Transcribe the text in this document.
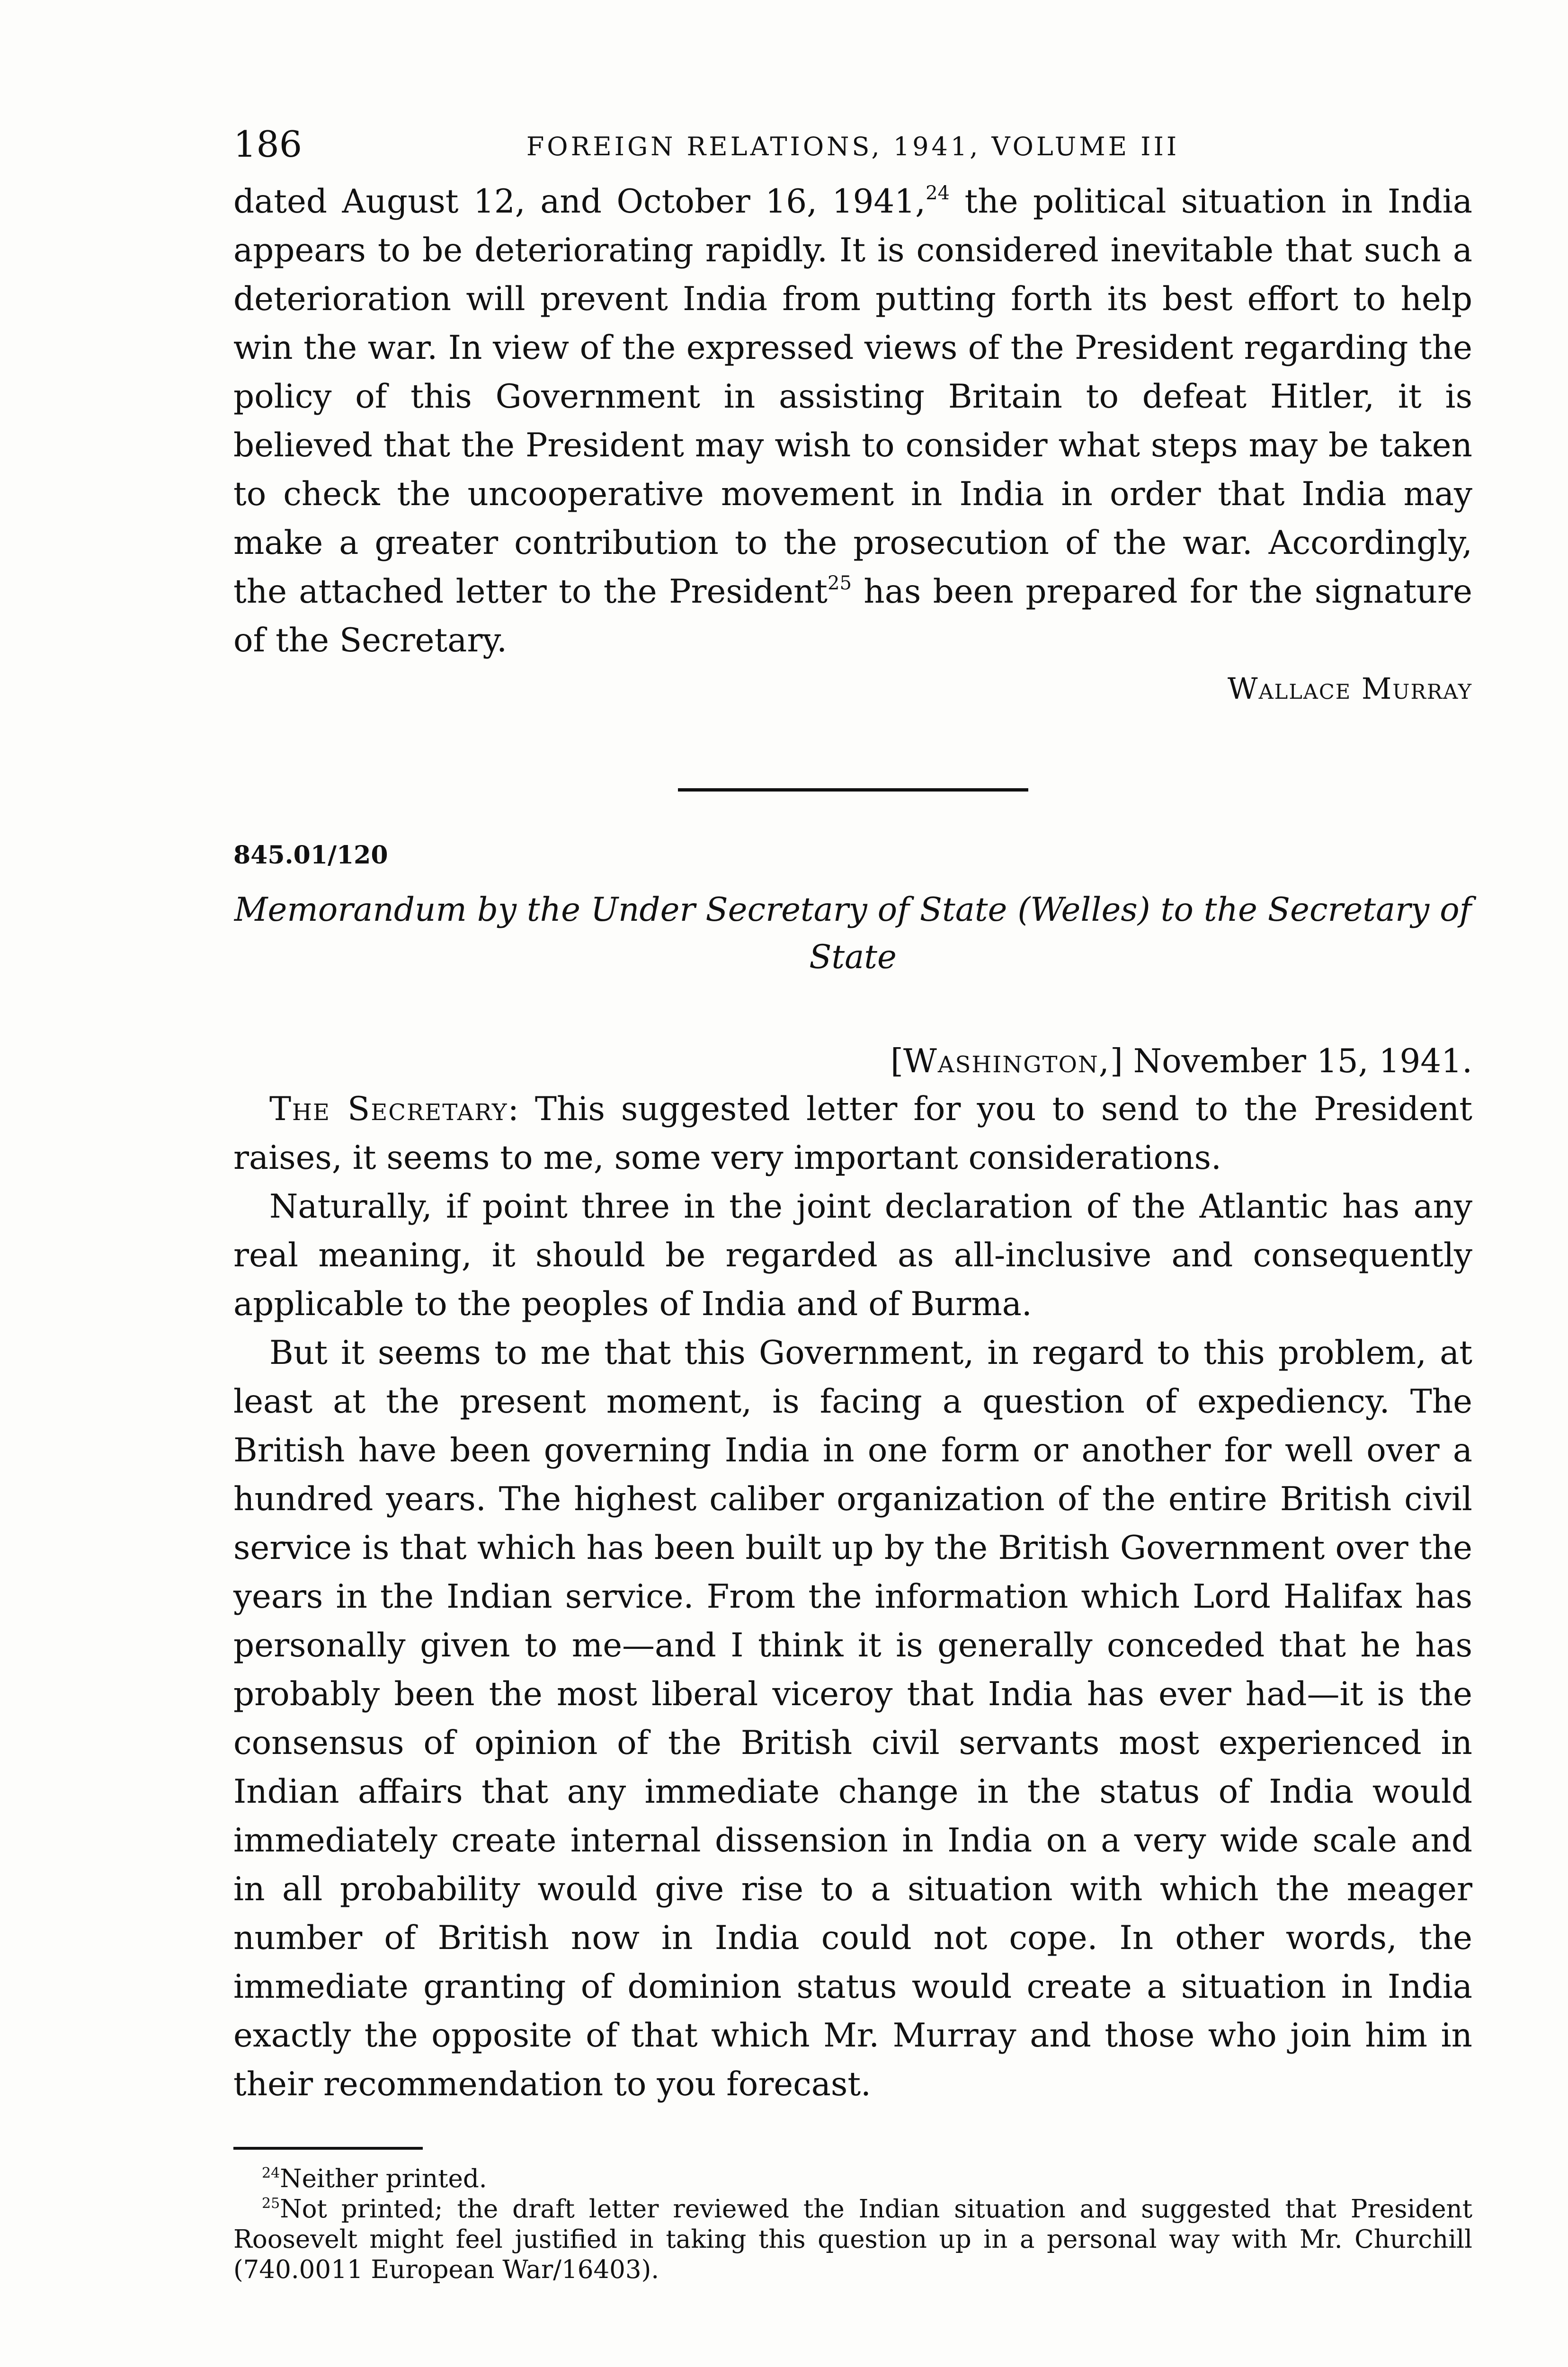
186	FOREIGN RELATIONS, 1941, VOLUME III

dated August 12, and October 16, 1941,24 the political situation in India appears to be deteriorating rapidly. It is considered inevitable that such a deterioration will prevent India from putting forth its best effort to help win the war. In view of the expressed views of the President regarding the policy of this Government in assisting Britain to defeat Hitler, it is believed that the President may wish to consider what steps may be taken to check the uncooperative movement in India in order that India may make a greater contribution to the prosecution of the war. Accordingly, the attached letter to the President$^{25}$ has been prepared for the signature of the Secretary.

Wallace Murray

845.01/120

Memorandum by the Under Secretary of State (Welles) to the Secretary of State

[Washington,] November 15, 1941.

The Secretary: This suggested letter for you to send to the President raises, it seems to me, some very important considerations.

Naturally, if point three in the joint declaration of the Atlantic has any real meaning, it should be regarded as all-inclusive and consequently applicable to the peoples of India and of Burma.

But it seems to me that this Government, in regard to this problem, at least at the present moment, is facing a question of expediency. The British have been governing India in one form or another for well over a hundred years. The highest caliber organization of the entire British civil service is that which has been built up by the British Government over the years in the Indian service. From the information which Lord Halifax has personally given to me—and I think it is generally conceded that he has probably been the most liberal viceroy that India has ever had—it is the consensus of opinion of the British civil servants most experienced in Indian affairs that any immediate change in the status of India would immediately create internal dissension in India on a very wide scale and in all probability would give rise to a situation with which the meager number of British now in India could not cope. In other words, the immediate granting of dominion status would create a situation in India exactly the opposite of that which Mr. Murray and those who join him in their recommendation to you forecast.

$^{24}$Neither printed.

$^{25}$Not printed; the draft letter reviewed the Indian situation and suggested that President Roosevelt might feel justified in taking this question up in a personal way with Mr. Churchill (740.0011 European War/16403).
